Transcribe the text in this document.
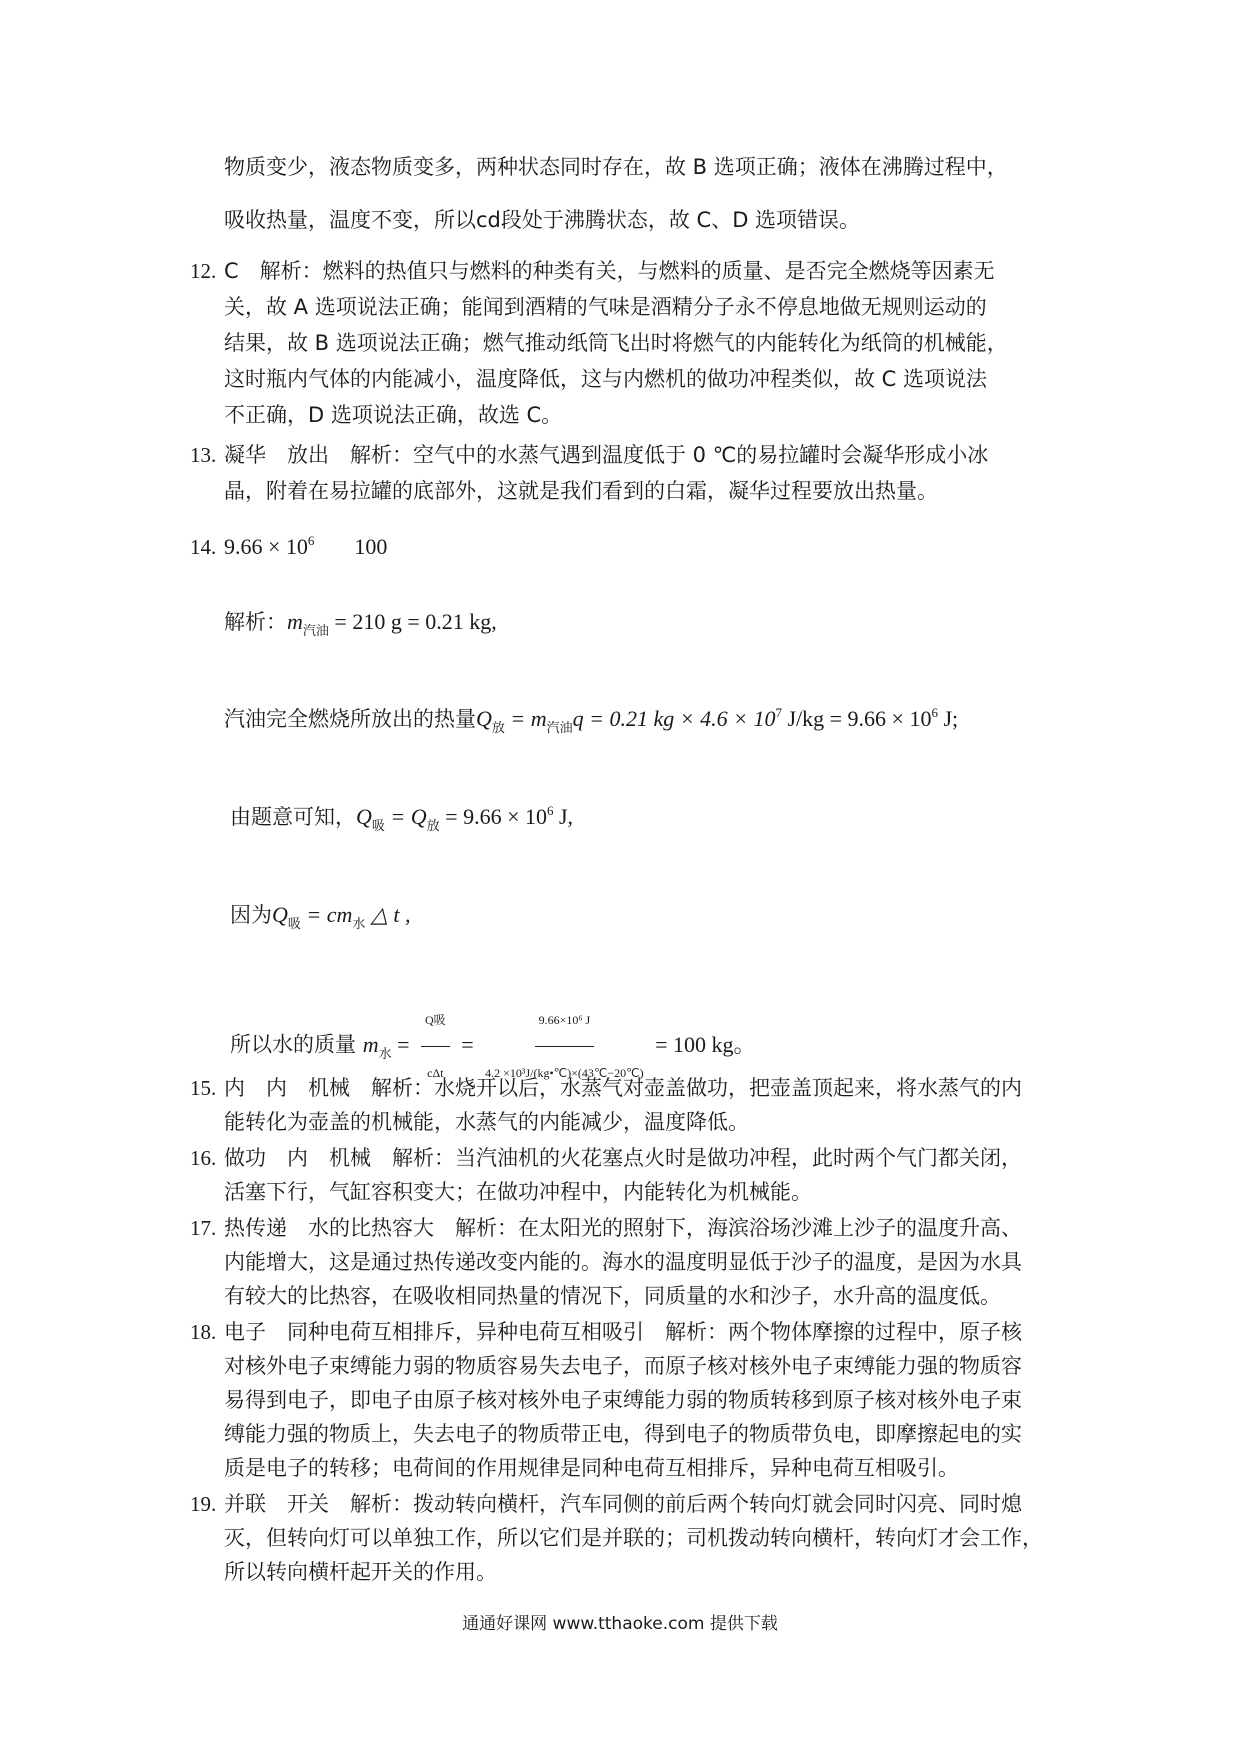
物质变少，液态物质变多，两种状态同时存在，故 B 选项正确；液体在沸腾过程中，
吸收热量，温度不变，所以cd段处于沸腾状态，故 C、D 选项错误。
12. C　解析：燃料的热值只与燃料的种类有关，与燃料的质量、是否完全燃烧等因素无
关，故 A 选项说法正确；能闻到酒精的气味是酒精分子永不停息地做无规则运动的
结果，故 B 选项说法正确；燃气推动纸筒飞出时将燃气的内能转化为纸筒的机械能，
这时瓶内气体的内能减小，温度降低，这与内燃机的做功冲程类似，故 C 选项说法
不正确，D 选项说法正确，故选 C。
13. 凝华　放出　解析：空气中的水蒸气遇到温度低于 0 ℃的易拉罐时会凝华形成小冰
晶，附着在易拉罐的底部外，这就是我们看到的白霜，凝华过程要放出热量。
14. $9.66 \times 10^6$ 100
解析：$m_{汽油} = 210$ g = 0.21 kg,
汽油完全燃烧所放出的热量$Q_放 = m_{汽油}q = 0.21$ kg × $4.6 \times 10^7$ $J/kg = 9.66 \times 10^6$ J;
由题意可知，$Q_吸 = Q_放 = 9.66 \times 10^6$ J,
因为$Q_吸 = cm_水$ △ t ,
所以水的质量 $m_水 = \frac{\text{Q吸}}{\text{cΔt}} = \frac{\text{9.66×10⁶ J}}{\text{4.2 ×10³J/(kg•℃)×(43℃−20℃)}} = 100$ kg。
15. 内　内　机械　解析：水烧开以后，水蒸气对壶盖做功，把壶盖顶起来，将水蒸气的内
能转化为壶盖的机械能，水蒸气的内能减少，温度降低。
16. 做功　内　机械　解析：当汽油机的火花塞点火时是做功冲程，此时两个气门都关闭，
活塞下行，气缸容积变大；在做功冲程中，内能转化为机械能。
17. 热传递　水的比热容大　解析：在太阳光的照射下，海滨浴场沙滩上沙子的温度升高、
内能增大，这是通过热传递改变内能的。海水的温度明显低于沙子的温度，是因为水具
有较大的比热容，在吸收相同热量的情况下，同质量的水和沙子，水升高的温度低。
18. 电子　同种电荷互相排斥，异种电荷互相吸引　解析：两个物体摩擦的过程中，原子核
对核外电子束缚能力弱的物质容易失去电子，而原子核对核外电子束缚能力强的物质容
易得到电子，即电子由原子核对核外电子束缚能力弱的物质转移到原子核对核外电子束
缚能力强的物质上，失去电子的物质带正电，得到电子的物质带负电，即摩擦起电的实
质是电子的转移；电荷间的作用规律是同种电荷互相排斥，异种电荷互相吸引。
19. 并联　开关　解析：拨动转向横杆，汽车同侧的前后两个转向灯就会同时闪亮、同时熄
灭，但转向灯可以单独工作，所以它们是并联的；司机拨动转向横杆，转向灯才会工作，
所以转向横杆起开关的作用。
通通好课网 www.tthaoke.com 提供下载
